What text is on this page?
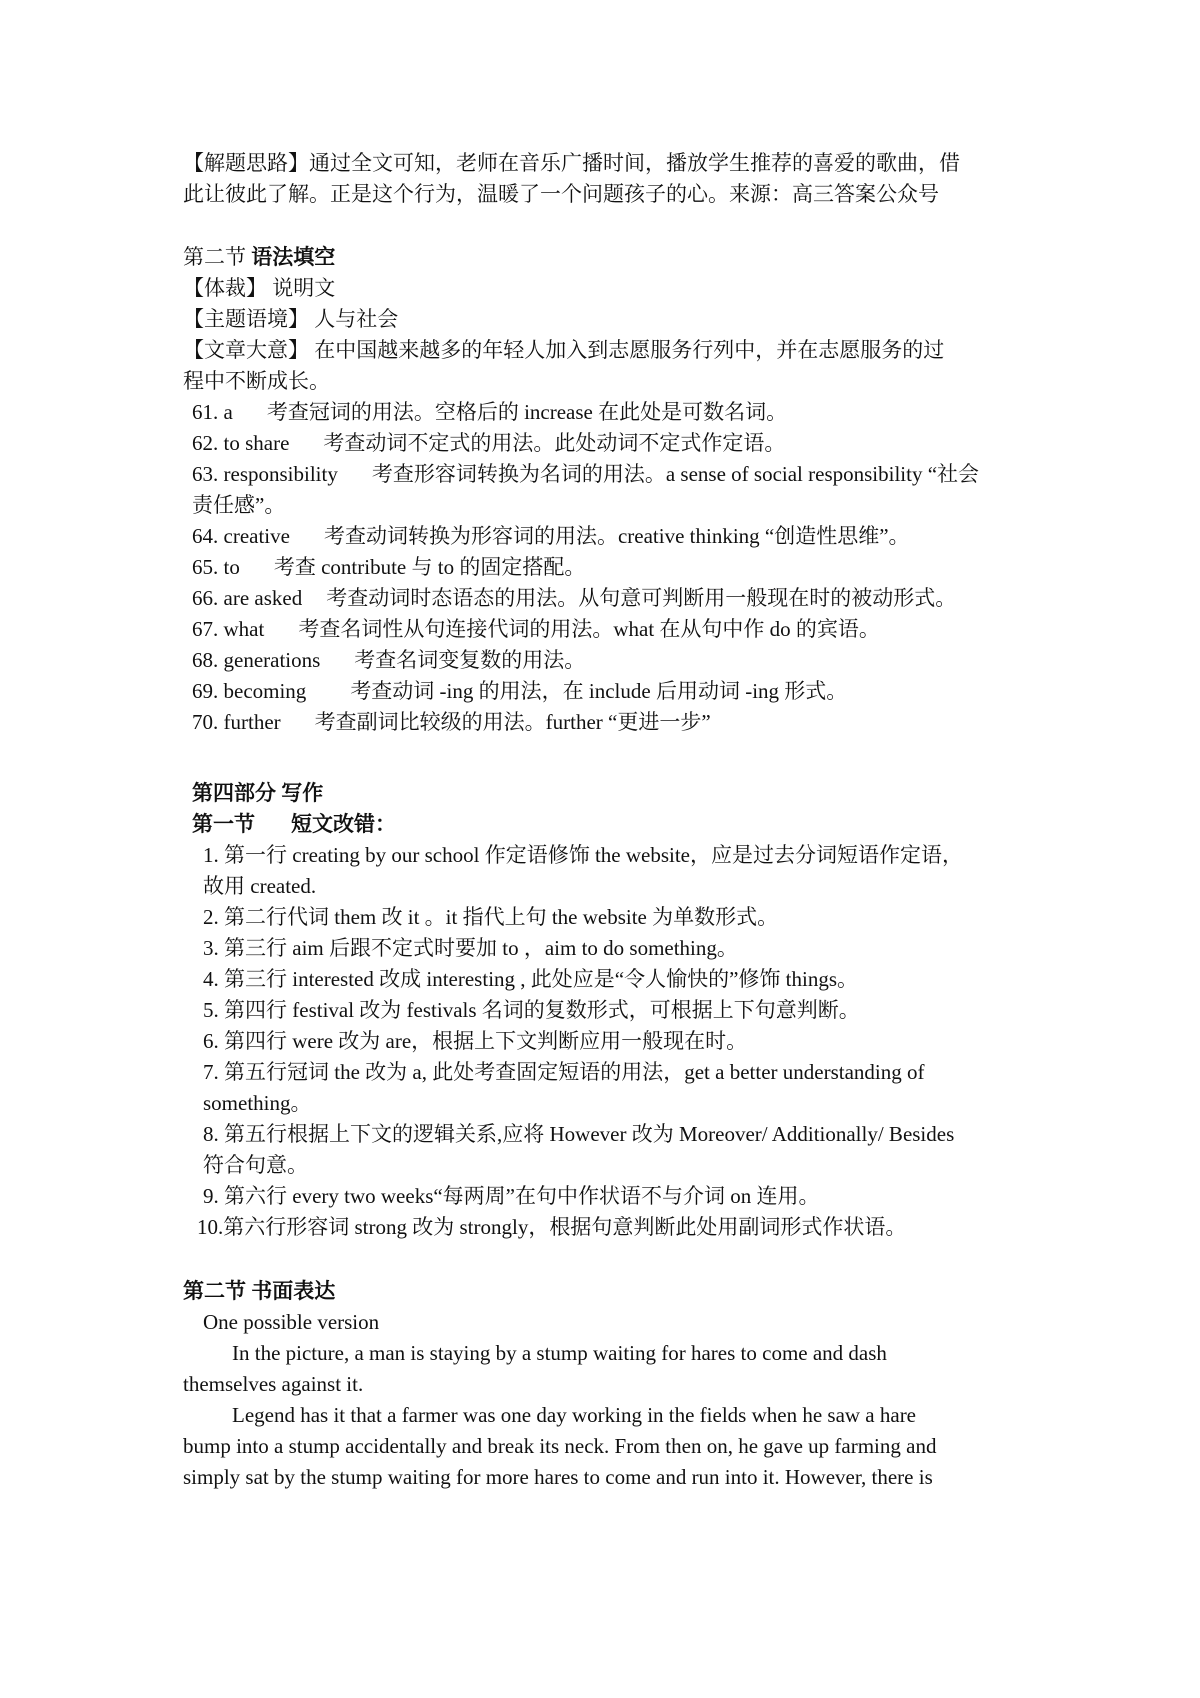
【解题思路】通过全文可知，老师在音乐广播时间，播放学生推荐的喜爱的歌曲，借
此让彼此了解。正是这个行为，温暖了一个问题孩子的心。来源：高三答案公众号
第二节 语法填空
【体裁】 说明文
【主题语境】 人与社会
【文章大意】 在中国越来越多的年轻人加入到志愿服务行列中，并在志愿服务的过
程中不断成长。
61. a 考查冠词的用法。空格后的 increase 在此处是可数名词。
62. to share 考查动词不定式的用法。此处动词不定式作定语。
63. responsibility 考查形容词转换为名词的用法。a sense of social responsibility “社会
责任感”。
64. creative 考查动词转换为形容词的用法。creative thinking “创造性思维”。
65. to 考查 contribute 与 to 的固定搭配。
66. are asked 考查动词时态语态的用法。从句意可判断用一般现在时的被动形式。
67. what 考查名词性从句连接代词的用法。what 在从句中作 do 的宾语。
68. generations 考查名词变复数的用法。
69. becoming 考查动词 -ing 的用法，在 include 后用动词 -ing 形式。
70. further 考查副词比较级的用法。further “更进一步”
第四部分 写作
第一节 短文改错：
1. 第一行 creating by our school 作定语修饰 the website，应是过去分词短语作定语，
故用 created.
2. 第二行代词 them 改 it 。it 指代上句 the website 为单数形式。
3. 第三行 aim 后跟不定式时要加 to ，aim to do something。
4. 第三行 interested 改成 interesting , 此处应是“令人愉快的”修饰 things。
5. 第四行 festival 改为 festivals 名词的复数形式，可根据上下句意判断。
6. 第四行 were 改为 are，根据上下文判断应用一般现在时。
7. 第五行冠词 the 改为 a, 此处考查固定短语的用法，get a better understanding of
something。
8. 第五行根据上下文的逻辑关系,应将 However 改为 Moreover/ Additionally/ Besides
符合句意。
9. 第六行 every two weeks“每两周”在句中作状语不与介词 on 连用。
10.第六行形容词 strong 改为 strongly，根据句意判断此处用副词形式作状语。
第二节 书面表达
One possible version
In the picture, a man is staying by a stump waiting for hares to come and dash
themselves against it.
Legend has it that a farmer was one day working in the fields when he saw a hare
bump into a stump accidentally and break its neck. From then on, he gave up farming and
simply sat by the stump waiting for more hares to come and run into it. However, there is
